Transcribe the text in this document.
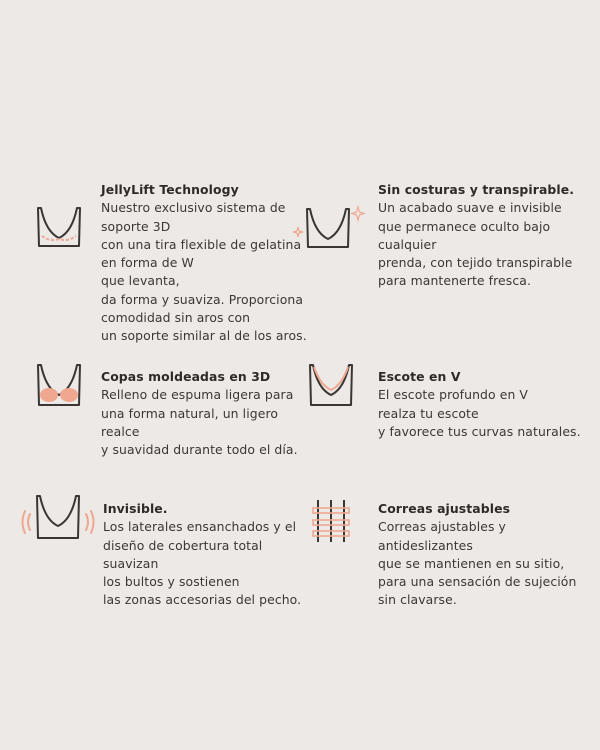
JellyLift Technology
Nuestro exclusivo sistema de
soporte 3D
con una tira flexible de gelatina
en forma de W
que levanta,
da forma y suaviza. Proporciona
comodidad sin aros con
un soporte similar al de los aros.
Sin costuras y transpirable.
Un acabado suave e invisible
que permanece oculto bajo
cualquier
prenda, con tejido transpirable
para mantenerte fresca.
Copas moldeadas en 3D
Relleno de espuma ligera para
una forma natural, un ligero
realce
y suavidad durante todo el día.
Escote en V
El escote profundo en V
realza tu escote
y favorece tus curvas naturales.
Invisible.
Los laterales ensanchados y el
diseño de cobertura total
suavizan
los bultos y sostienen
las zonas accesorias del pecho.
Correas ajustables
Correas ajustables y
antideslizantes
que se mantienen en su sitio,
para una sensación de sujeción
sin clavarse.
